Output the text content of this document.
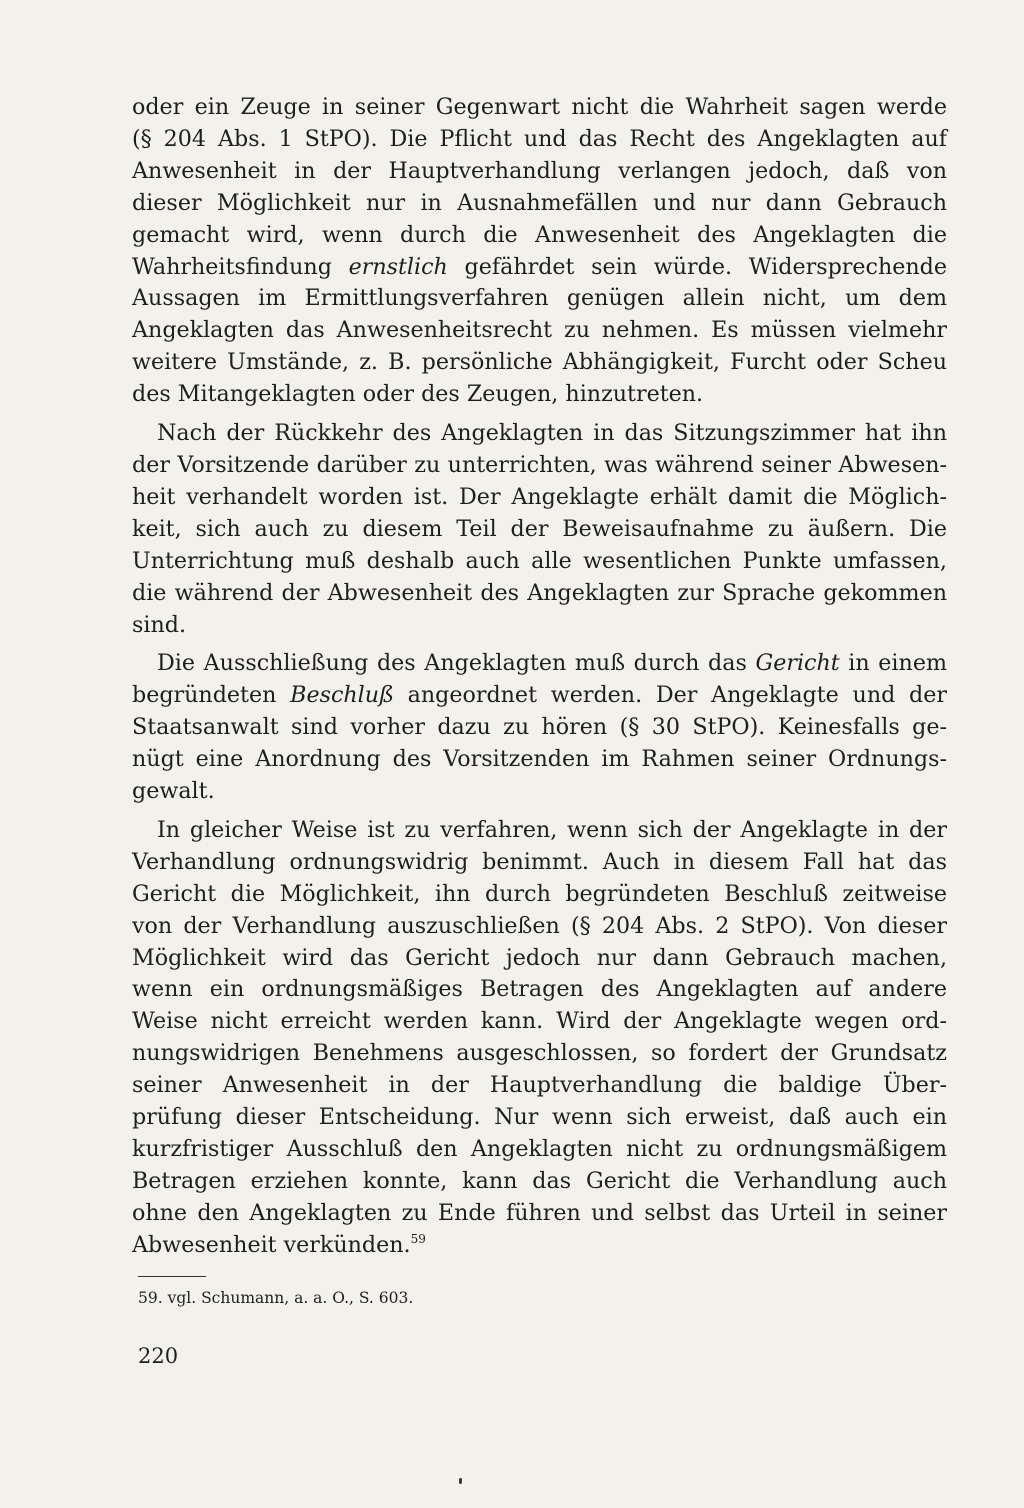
oder ein Zeuge in seiner Gegenwart nicht die Wahrheit sagen werde
(§ 204 Abs. 1 StPO). Die Pflicht und das Recht des Angeklagten auf
Anwesenheit in der Hauptverhandlung verlangen jedoch, daß von
dieser Möglichkeit nur in Ausnahmefällen und nur dann Gebrauch
gemacht wird, wenn durch die Anwesenheit des Angeklagten die
Wahrheitsfindung ernstlich gefährdet sein würde. Widersprechende
Aussagen im Ermittlungsverfahren genügen allein nicht, um dem
Angeklagten das Anwesenheitsrecht zu nehmen. Es müssen vielmehr
weitere Umstände, z. B. persönliche Abhängigkeit, Furcht oder Scheu
des Mitangeklagten oder des Zeugen, hinzutreten.
Nach der Rückkehr des Angeklagten in das Sitzungszimmer hat ihn
der Vorsitzende darüber zu unterrichten, was während seiner Abwesen-
heit verhandelt worden ist. Der Angeklagte erhält damit die Möglich-
keit, sich auch zu diesem Teil der Beweisaufnahme zu äußern. Die
Unterrichtung muß deshalb auch alle wesentlichen Punkte umfassen,
die während der Abwesenheit des Angeklagten zur Sprache gekommen
sind.
Die Ausschließung des Angeklagten muß durch das Gericht in einem
begründeten Beschluß angeordnet werden. Der Angeklagte und der
Staatsanwalt sind vorher dazu zu hören (§ 30 StPO). Keinesfalls ge-
nügt eine Anordnung des Vorsitzenden im Rahmen seiner Ordnungs-
gewalt.
In gleicher Weise ist zu verfahren, wenn sich der Angeklagte in der
Verhandlung ordnungswidrig benimmt. Auch in diesem Fall hat das
Gericht die Möglichkeit, ihn durch begründeten Beschluß zeitweise
von der Verhandlung auszuschließen (§ 204 Abs. 2 StPO). Von dieser
Möglichkeit wird das Gericht jedoch nur dann Gebrauch machen,
wenn ein ordnungsmäßiges Betragen des Angeklagten auf andere
Weise nicht erreicht werden kann. Wird der Angeklagte wegen ord-
nungswidrigen Benehmens ausgeschlossen, so fordert der Grundsatz
seiner Anwesenheit in der Hauptverhandlung die baldige Über-
prüfung dieser Entscheidung. Nur wenn sich erweist, daß auch ein
kurzfristiger Ausschluß den Angeklagten nicht zu ordnungsmäßigem
Betragen erziehen konnte, kann das Gericht die Verhandlung auch
ohne den Angeklagten zu Ende führen und selbst das Urteil in seiner
Abwesenheit verkünden.$^{59}$
59. vgl. Schumann, a. a. O., S. 603.
220
